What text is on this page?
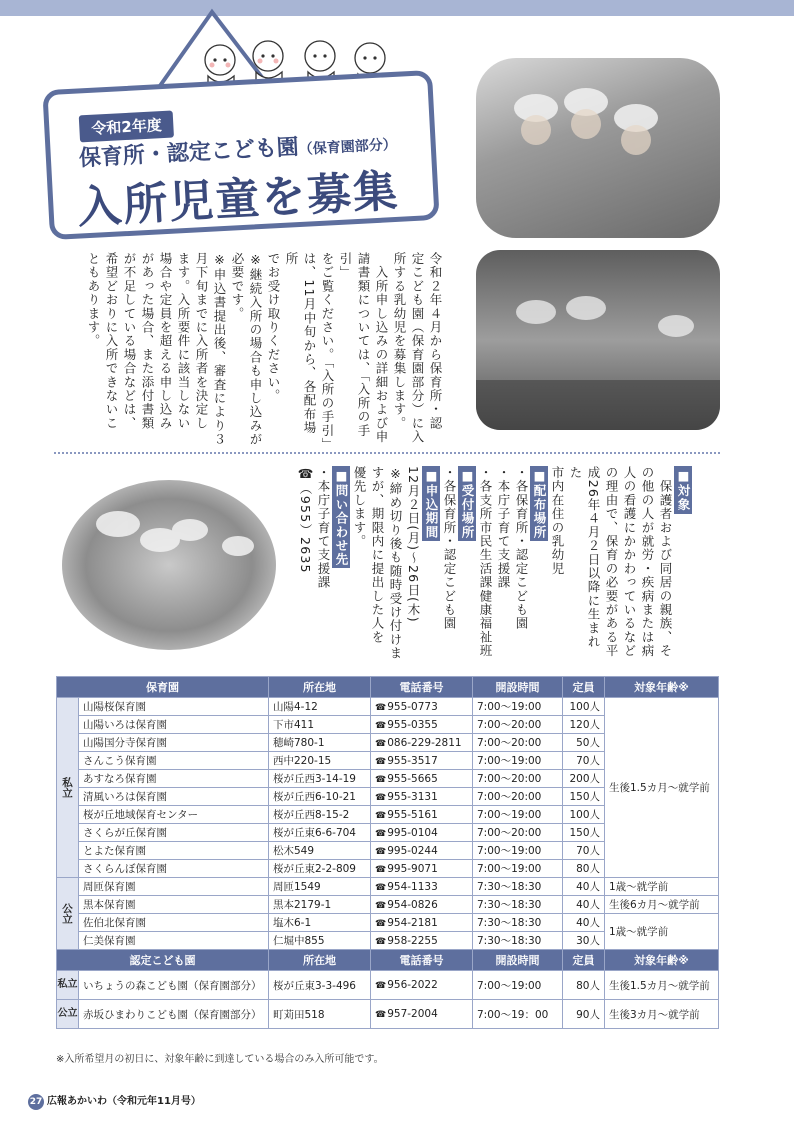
令和2年度
保育所・認定こども園（保育園部分）
入所児童を募集
令和２年４月から保育所・認
定こども園（保育園部分）に入
所する乳幼児を募集します。
　入所申し込みの詳細および申
請書類については、「入所の手引」
をご覧ください。「入所の手引」
は、11月中旬から、各配布場所
でお受け取りください。
※継続入所の場合も申し込みが
必要です。
※申込書提出後、審査により３
月下旬までに入所者を決定し
ます。入所要件に該当しない
場合や定員を超える申し込み
があった場合、また添付書類
が不足している場合などは、
希望どおりに入所できないこ
ともあります。
■対象
　保護者および同居の親族、そ
の他の人が就労・疾病または病
人の看護にかかわっているなど
の理由で、保育の必要がある平
成26年４月２日以降に生まれた
市内在住の乳幼児
■配布場所
・各保育所・認定こども園
・本庁子育て支援課
・各支所市民生活課健康福祉班
■受付場所
・各保育所・認定こども園
■申込期間
12月２日(月)～26日(木)
※締め切り後も随時受け付けま
すが、期限内に提出した人を
優先します。
■問い合わせ先
・本庁子育て支援課
☎（955）2635
保育園		所在地	電話番号	開設時間	定員	対象年齢※
私立	山陽桜保育園	山陽4-12	☎955-0773	7:00～19:00	100人	生後1.5カ月～就学前
	山陽いろは保育園	下市411	☎955-0355	7:00～20:00	120人	
	山陽国分寺保育園	穂崎780-1	☎086-229-2811	7:00～20:00	50人	
	さんこう保育園	西中220-15	☎955-3517	7:00～19:00	70人	
	あすなろ保育園	桜が丘西3-14-19	☎955-5665	7:00～20:00	200人	
	清風いろは保育園	桜が丘西6-10-21	☎955-3131	7:00～20:00	150人	
	桜が丘地域保育センター	桜が丘西8-15-2	☎955-5161	7:00～19:00	100人	
	さくらが丘保育園	桜が丘東6-6-704	☎995-0104	7:00～20:00	150人	
	とよた保育園	松木549	☎995-0244	7:00～19:00	70人	
	さくらんぼ保育園	桜が丘東2-2-809	☎995-9071	7:00～19:00	80人	
公立	周匝保育園	周匝1549	☎954-1133	7:30～18:30	40人	1歳～就学前
	黒本保育園	黒本2179-1	☎954-0826	7:30～18:30	40人	生後6カ月～就学前
	佐伯北保育園	塩木6-1	☎954-2181	7:30～18:30	40人	1歳～就学前
	仁美保育園	仁堀中855	☎958-2255	7:30～18:30	30人	
認定こども園		所在地	電話番号	開設時間	定員	対象年齢※
私立	いちょうの森こども園（保育園部分）	桜が丘東3-3-496	☎956-2022	7:00～19:00	80人	生後1.5カ月～就学前
公立	赤坂ひまわりこども園（保育園部分）	町苅田518	☎957-2004	7:00～19：00	90人	生後3カ月～就学前
※入所希望月の初日に、対象年齢に到達している場合のみ入所可能です。
27 広報あかいわ（令和元年11月号）
